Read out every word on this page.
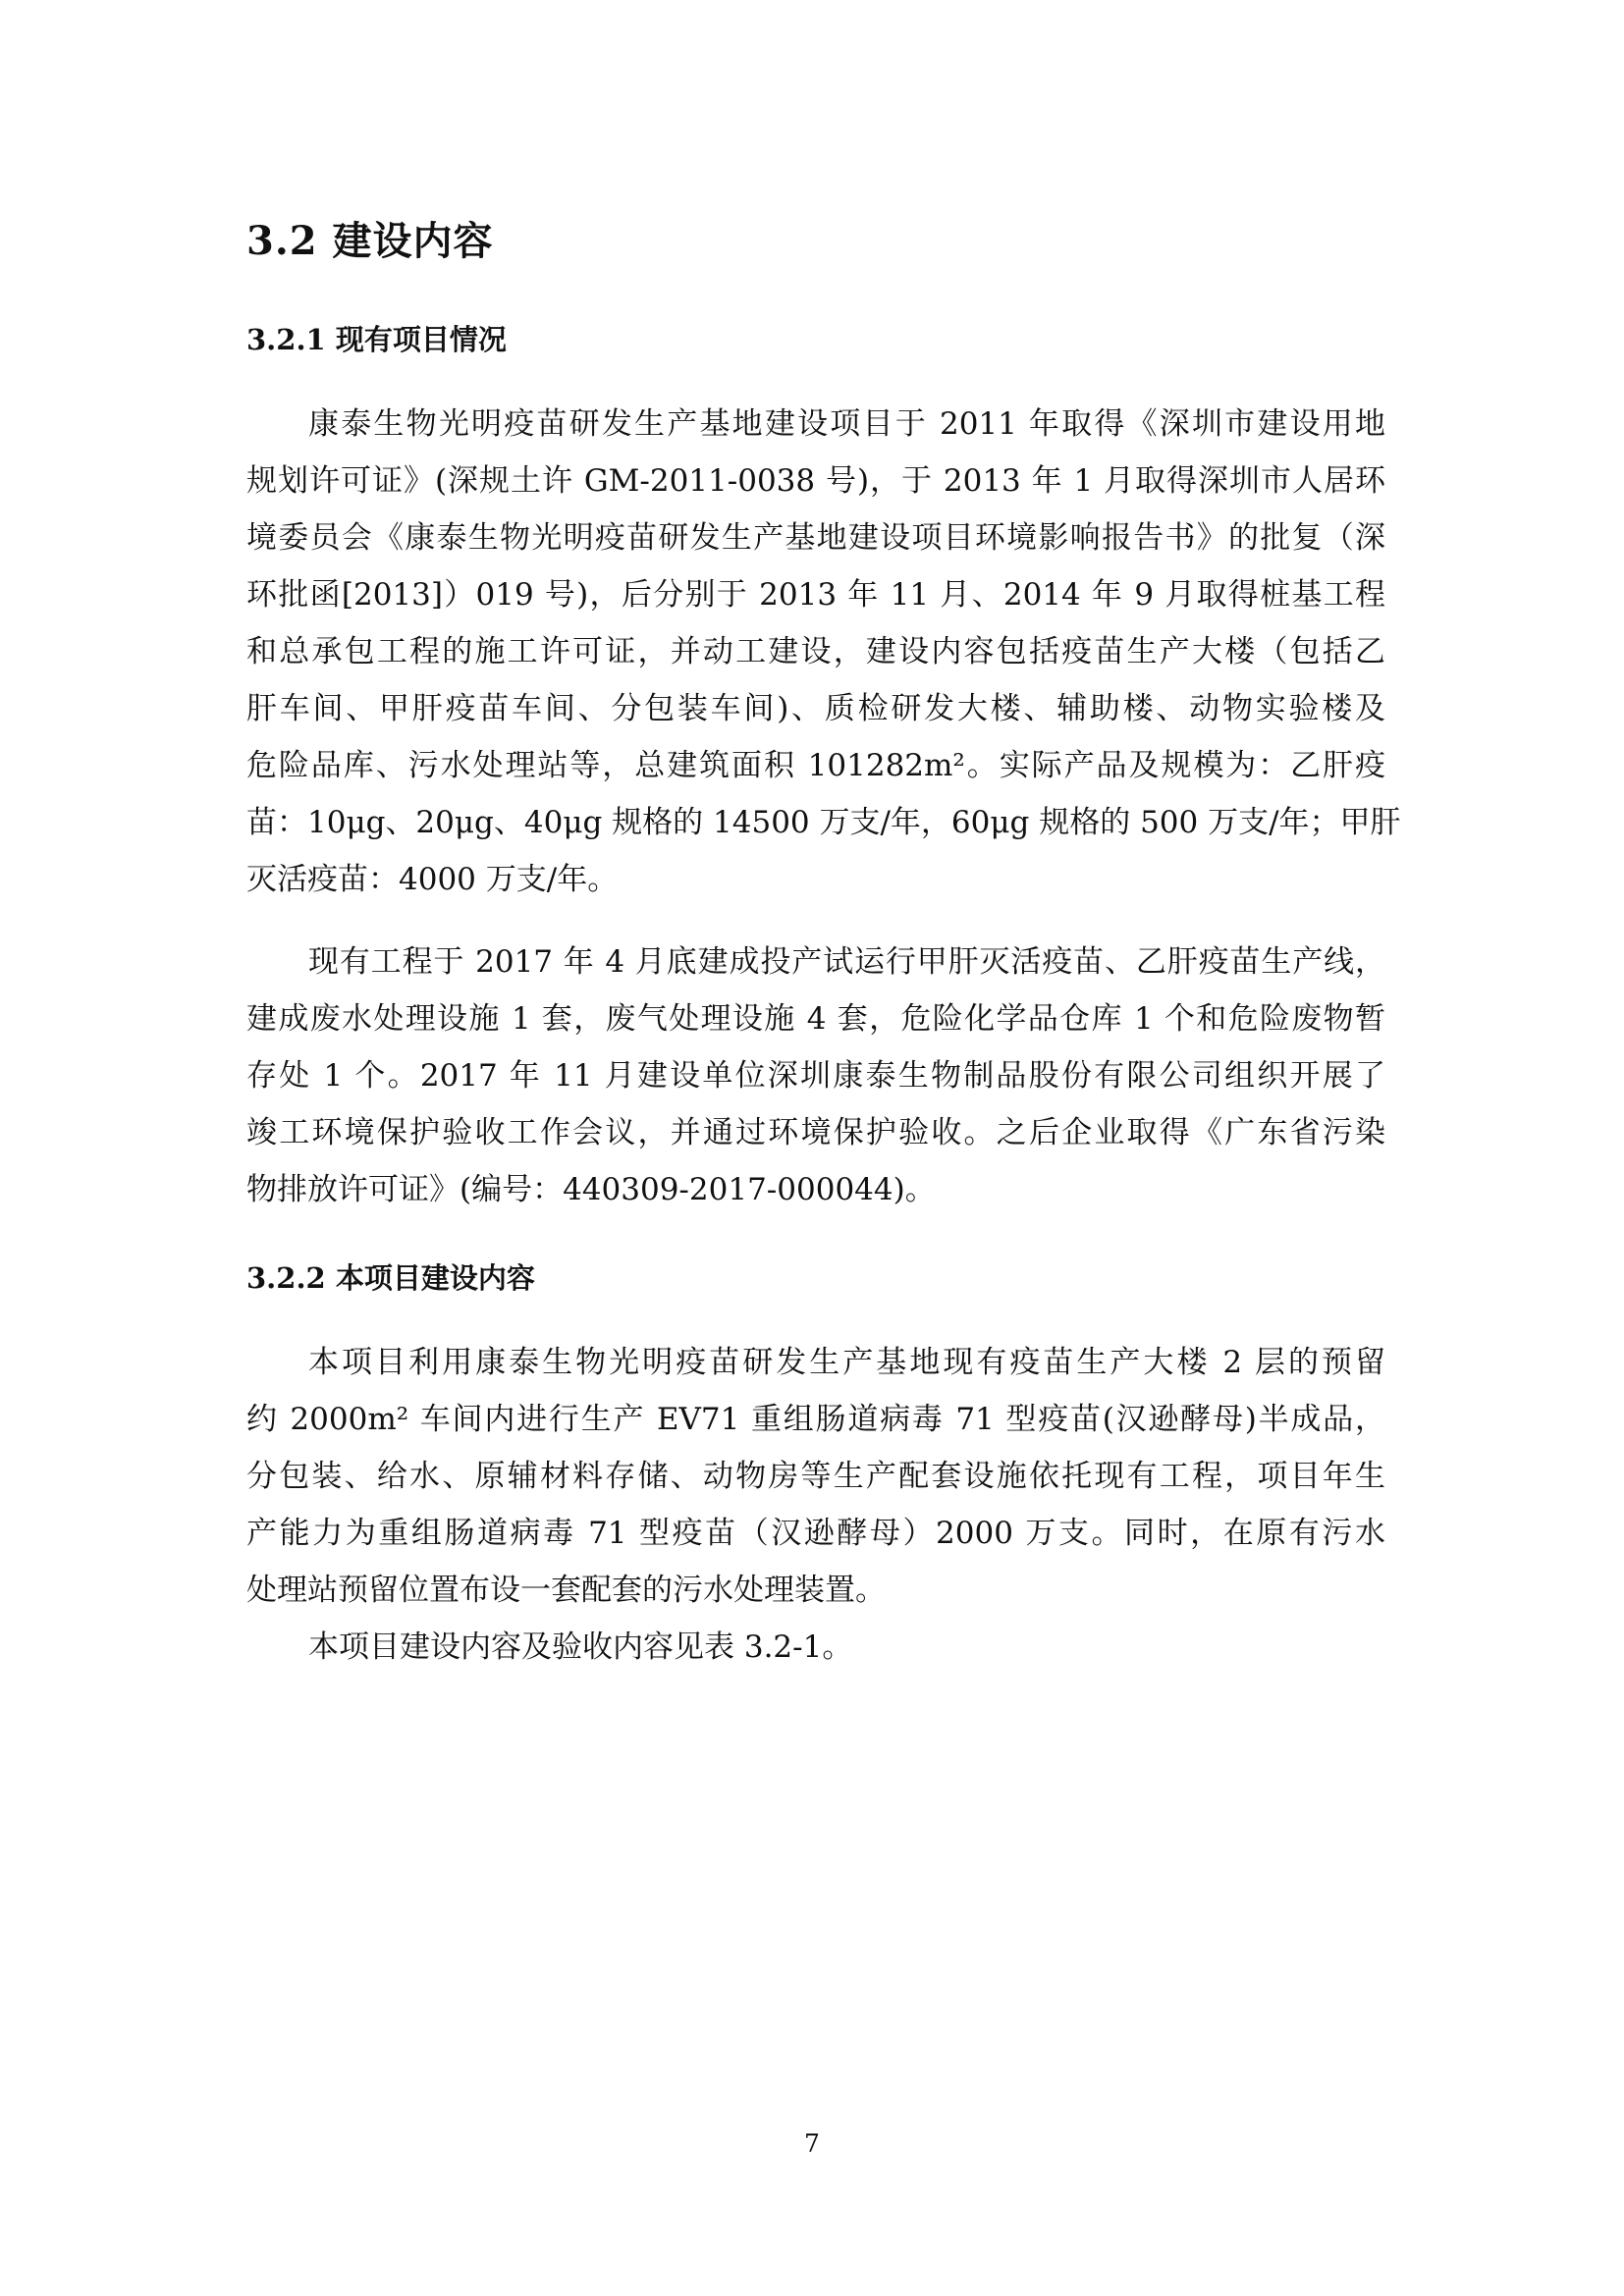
3.2 建设内容
3.2.1 现有项目情况
康泰生物光明疫苗研发生产基地建设项目于 2011 年取得《深圳市建设用地
规划许可证》(深规土许 GM-2011-0038 号)，于 2013 年 1 月取得深圳市人居环
境委员会《康泰生物光明疫苗研发生产基地建设项目环境影响报告书》的批复（深
环批函[2013]）019 号)，后分别于 2013 年 11 月、2014 年 9 月取得桩基工程
和总承包工程的施工许可证，并动工建设，建设内容包括疫苗生产大楼（包括乙
肝车间、甲肝疫苗车间、分包装车间)、质检研发大楼、辅助楼、动物实验楼及
危险品库、污水处理站等，总建筑面积 101282m²。实际产品及规模为：乙肝疫
苗：10μg、20μg、40μg 规格的 14500 万支/年，60μg 规格的 500 万支/年；甲肝
灭活疫苗：4000 万支/年。
现有工程于 2017 年 4 月底建成投产试运行甲肝灭活疫苗、乙肝疫苗生产线，
建成废水处理设施 1 套，废气处理设施 4 套，危险化学品仓库 1 个和危险废物暂
存处 1 个。2017 年 11 月建设单位深圳康泰生物制品股份有限公司组织开展了
竣工环境保护验收工作会议，并通过环境保护验收。之后企业取得《广东省污染
物排放许可证》(编号：440309-2017-000044)。
3.2.2 本项目建设内容
本项目利用康泰生物光明疫苗研发生产基地现有疫苗生产大楼 2 层的预留
约 2000m² 车间内进行生产 EV71 重组肠道病毒 71 型疫苗(汉逊酵母)半成品，
分包装、给水、原辅材料存储、动物房等生产配套设施依托现有工程，项目年生
产能力为重组肠道病毒 71 型疫苗（汉逊酵母）2000 万支。同时，在原有污水
处理站预留位置布设一套配套的污水处理装置。
本项目建设内容及验收内容见表 3.2-1。
7
